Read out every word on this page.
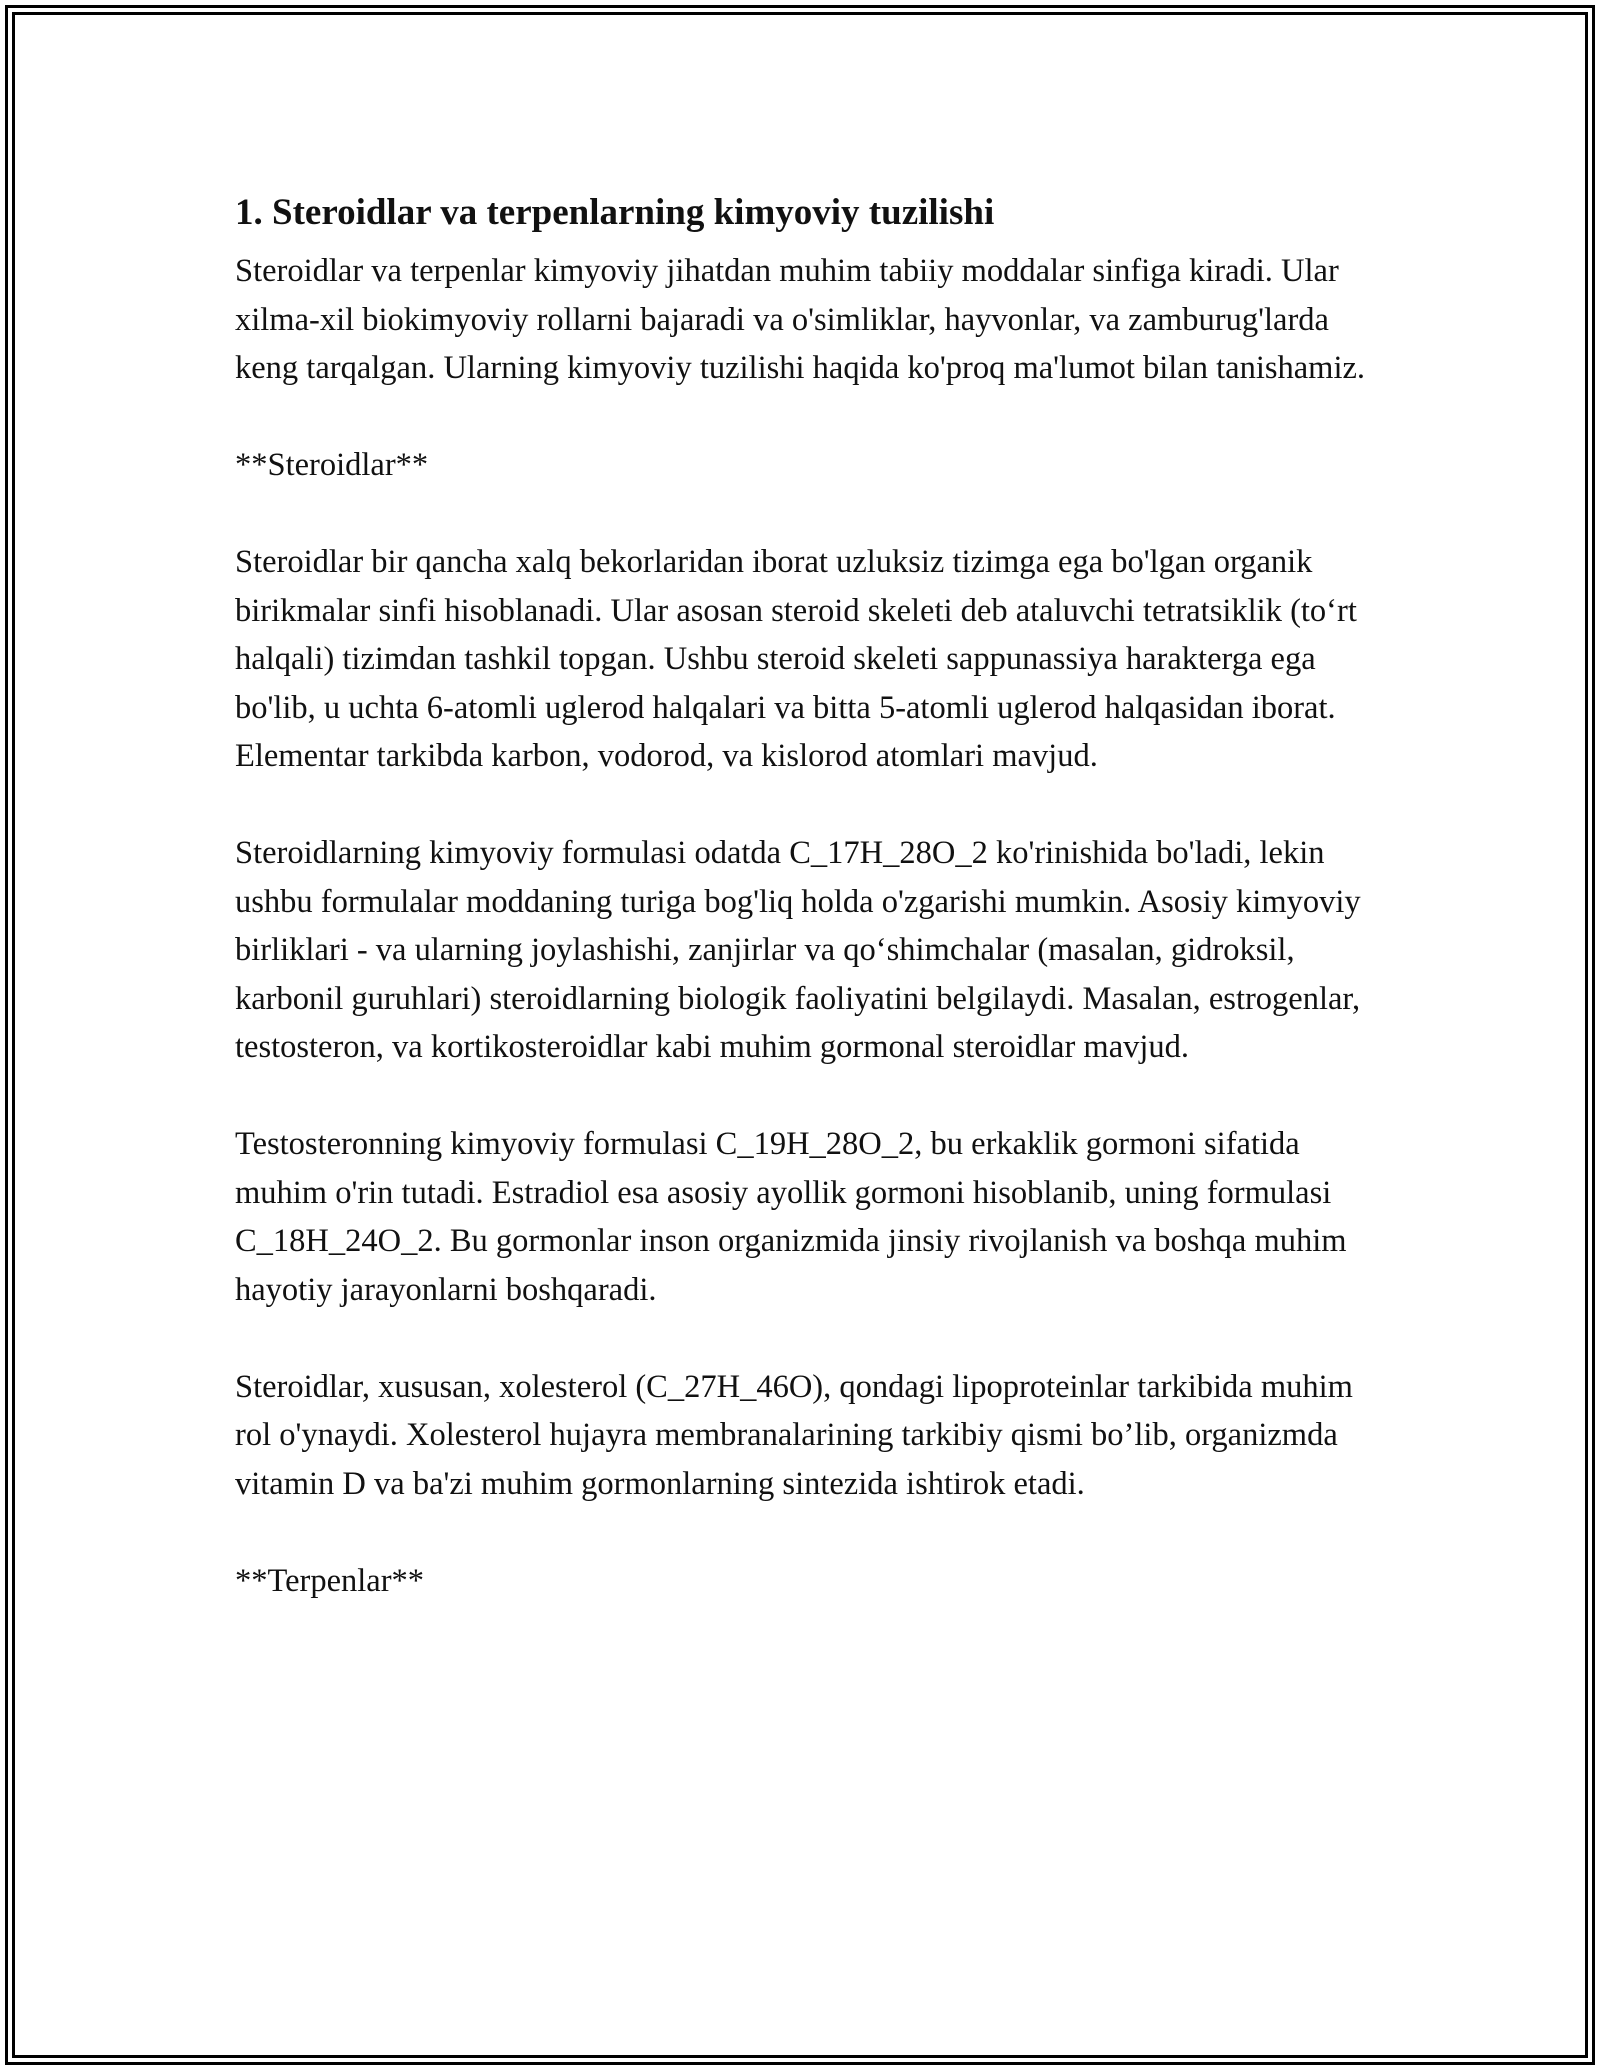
1. Steroidlar va terpenlarning kimyoviy tuzilishi

Steroidlar va terpenlar kimyoviy jihatdan muhim tabiiy moddalar sinfiga kiradi. Ular xilma-xil biokimyoviy rollarni bajaradi va o'simliklar, hayvonlar, va zamburug'larda keng tarqalgan. Ularning kimyoviy tuzilishi haqida ko'proq ma'lumot bilan tanishamiz.

**Steroidlar**

Steroidlar bir qancha xalq bekorlaridan iborat uzluksiz tizimga ega bo'lgan organik birikmalar sinfi hisoblanadi. Ular asosan steroid skeleti deb ataluvchi tetratsiklik (to‘rt halqali) tizimdan tashkil topgan. Ushbu steroid skeleti sappunassiya harakterga ega bo'lib, u uchta 6-atomli uglerod halqalari va bitta 5-atomli uglerod halqasidan iborat. Elementar tarkibda karbon, vodorod, va kislorod atomlari mavjud.

Steroidlarning kimyoviy formulasi odatda C_17H_28O_2 ko'rinishida bo'ladi, lekin ushbu formulalar moddaning turiga bog'liq holda o'zgarishi mumkin. Asosiy kimyoviy birliklari - va ularning joylashishi, zanjirlar va qo‘shimchalar (masalan, gidroksil, karbonil guruhlari) steroidlarning biologik faoliyatini belgilaydi. Masalan, estrogenlar, testosteron, va kortikosteroidlar kabi muhim gormonal steroidlar mavjud.

Testosteronning kimyoviy formulasi C_19H_28O_2, bu erkaklik gormoni sifatida muhim o'rin tutadi. Estradiol esa asosiy ayollik gormoni hisoblanib, uning formulasi C_18H_24O_2. Bu gormonlar inson organizmida jinsiy rivojlanish va boshqa muhim hayotiy jarayonlarni boshqaradi.

Steroidlar, xususan, xolesterol (C_27H_46O), qondagi lipoproteinlar tarkibida muhim rol o'ynaydi. Xolesterol hujayra membranalarining tarkibiy qismi bo’lib, organizmda vitamin D va ba'zi muhim gormonlarning sintezida ishtirok etadi.

**Terpenlar**
